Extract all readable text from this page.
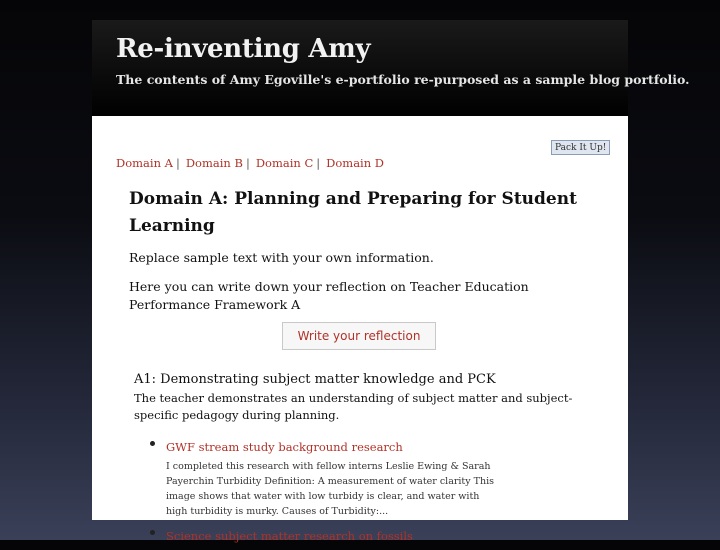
Re-inventing Amy

The contents of Amy Egoville's e-portfolio re-purposed as a sample blog portfolio.

Pack It Up!
Domain A | Domain B | Domain C | Domain D
Domain A: Planning and Preparing for Student Learning

Replace sample text with your own information.

Here you can write down your reflection on Teacher Education Performance Framework A

Write your reflection
A1: Demonstrating subject matter knowledge and PCK

The teacher demonstrates an understanding of subject matter and subject-specific pedagogy during planning.

GWF stream study background research

I completed this research with fellow interns Leslie Ewing & Sarah Payerchin Turbidity Definition: A measurement of water clarity This image shows that water with low turbidy is clear, and water with high turbidity is murky. Causes of Turbidity:...

Science subject matter research on fossils
